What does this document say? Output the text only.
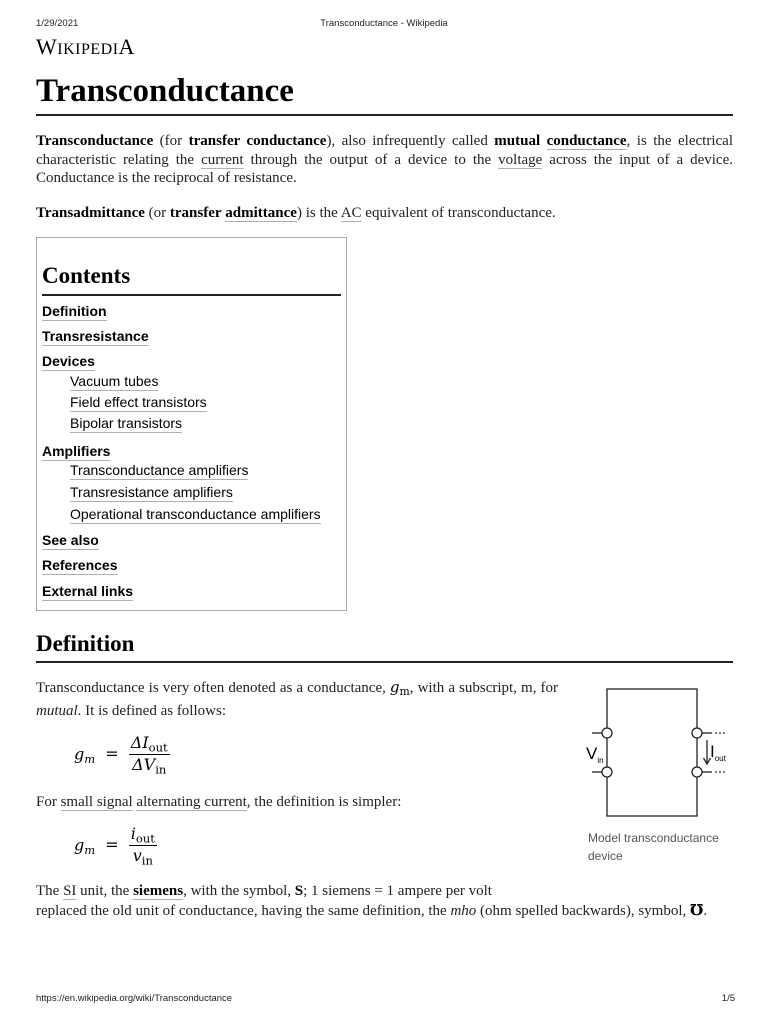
1/29/2021	Transconductance - Wikipedia
WIKIPEDIA
Transconductance
Transconductance (for transfer conductance), also infrequently called mutual conductance, is the electrical characteristic relating the current through the output of a device to the voltage across the input of a device. Conductance is the reciprocal of resistance.
Transadmittance (or transfer admittance) is the AC equivalent of transconductance.
Contents
Definition
Transresistance
Devices
Vacuum tubes
Field effect transistors
Bipolar transistors
Amplifiers
Transconductance amplifiers
Transresistance amplifiers
Operational transconductance amplifiers
See also
References
External links
Definition
Transconductance is very often denoted as a conductance, $g_m$, with a subscript, m, for mutual. It is defined as follows:
$g_m = \frac{\Delta I_{out}}{\Delta V_{in}}$
For small signal alternating current, the definition is simpler:
$g_m = \frac{i_{out}}{v_{in}}$
The SI unit, the siemens, with the symbol, S; 1 siemens = 1 ampere per volt
replaced the old unit of conductance, having the same definition, the mho (ohm spelled backwards), symbol, ℧.
$V_{in}$	$I_{out}$
Model transconductance device
https://en.wikipedia.org/wiki/Transconductance	1/5
